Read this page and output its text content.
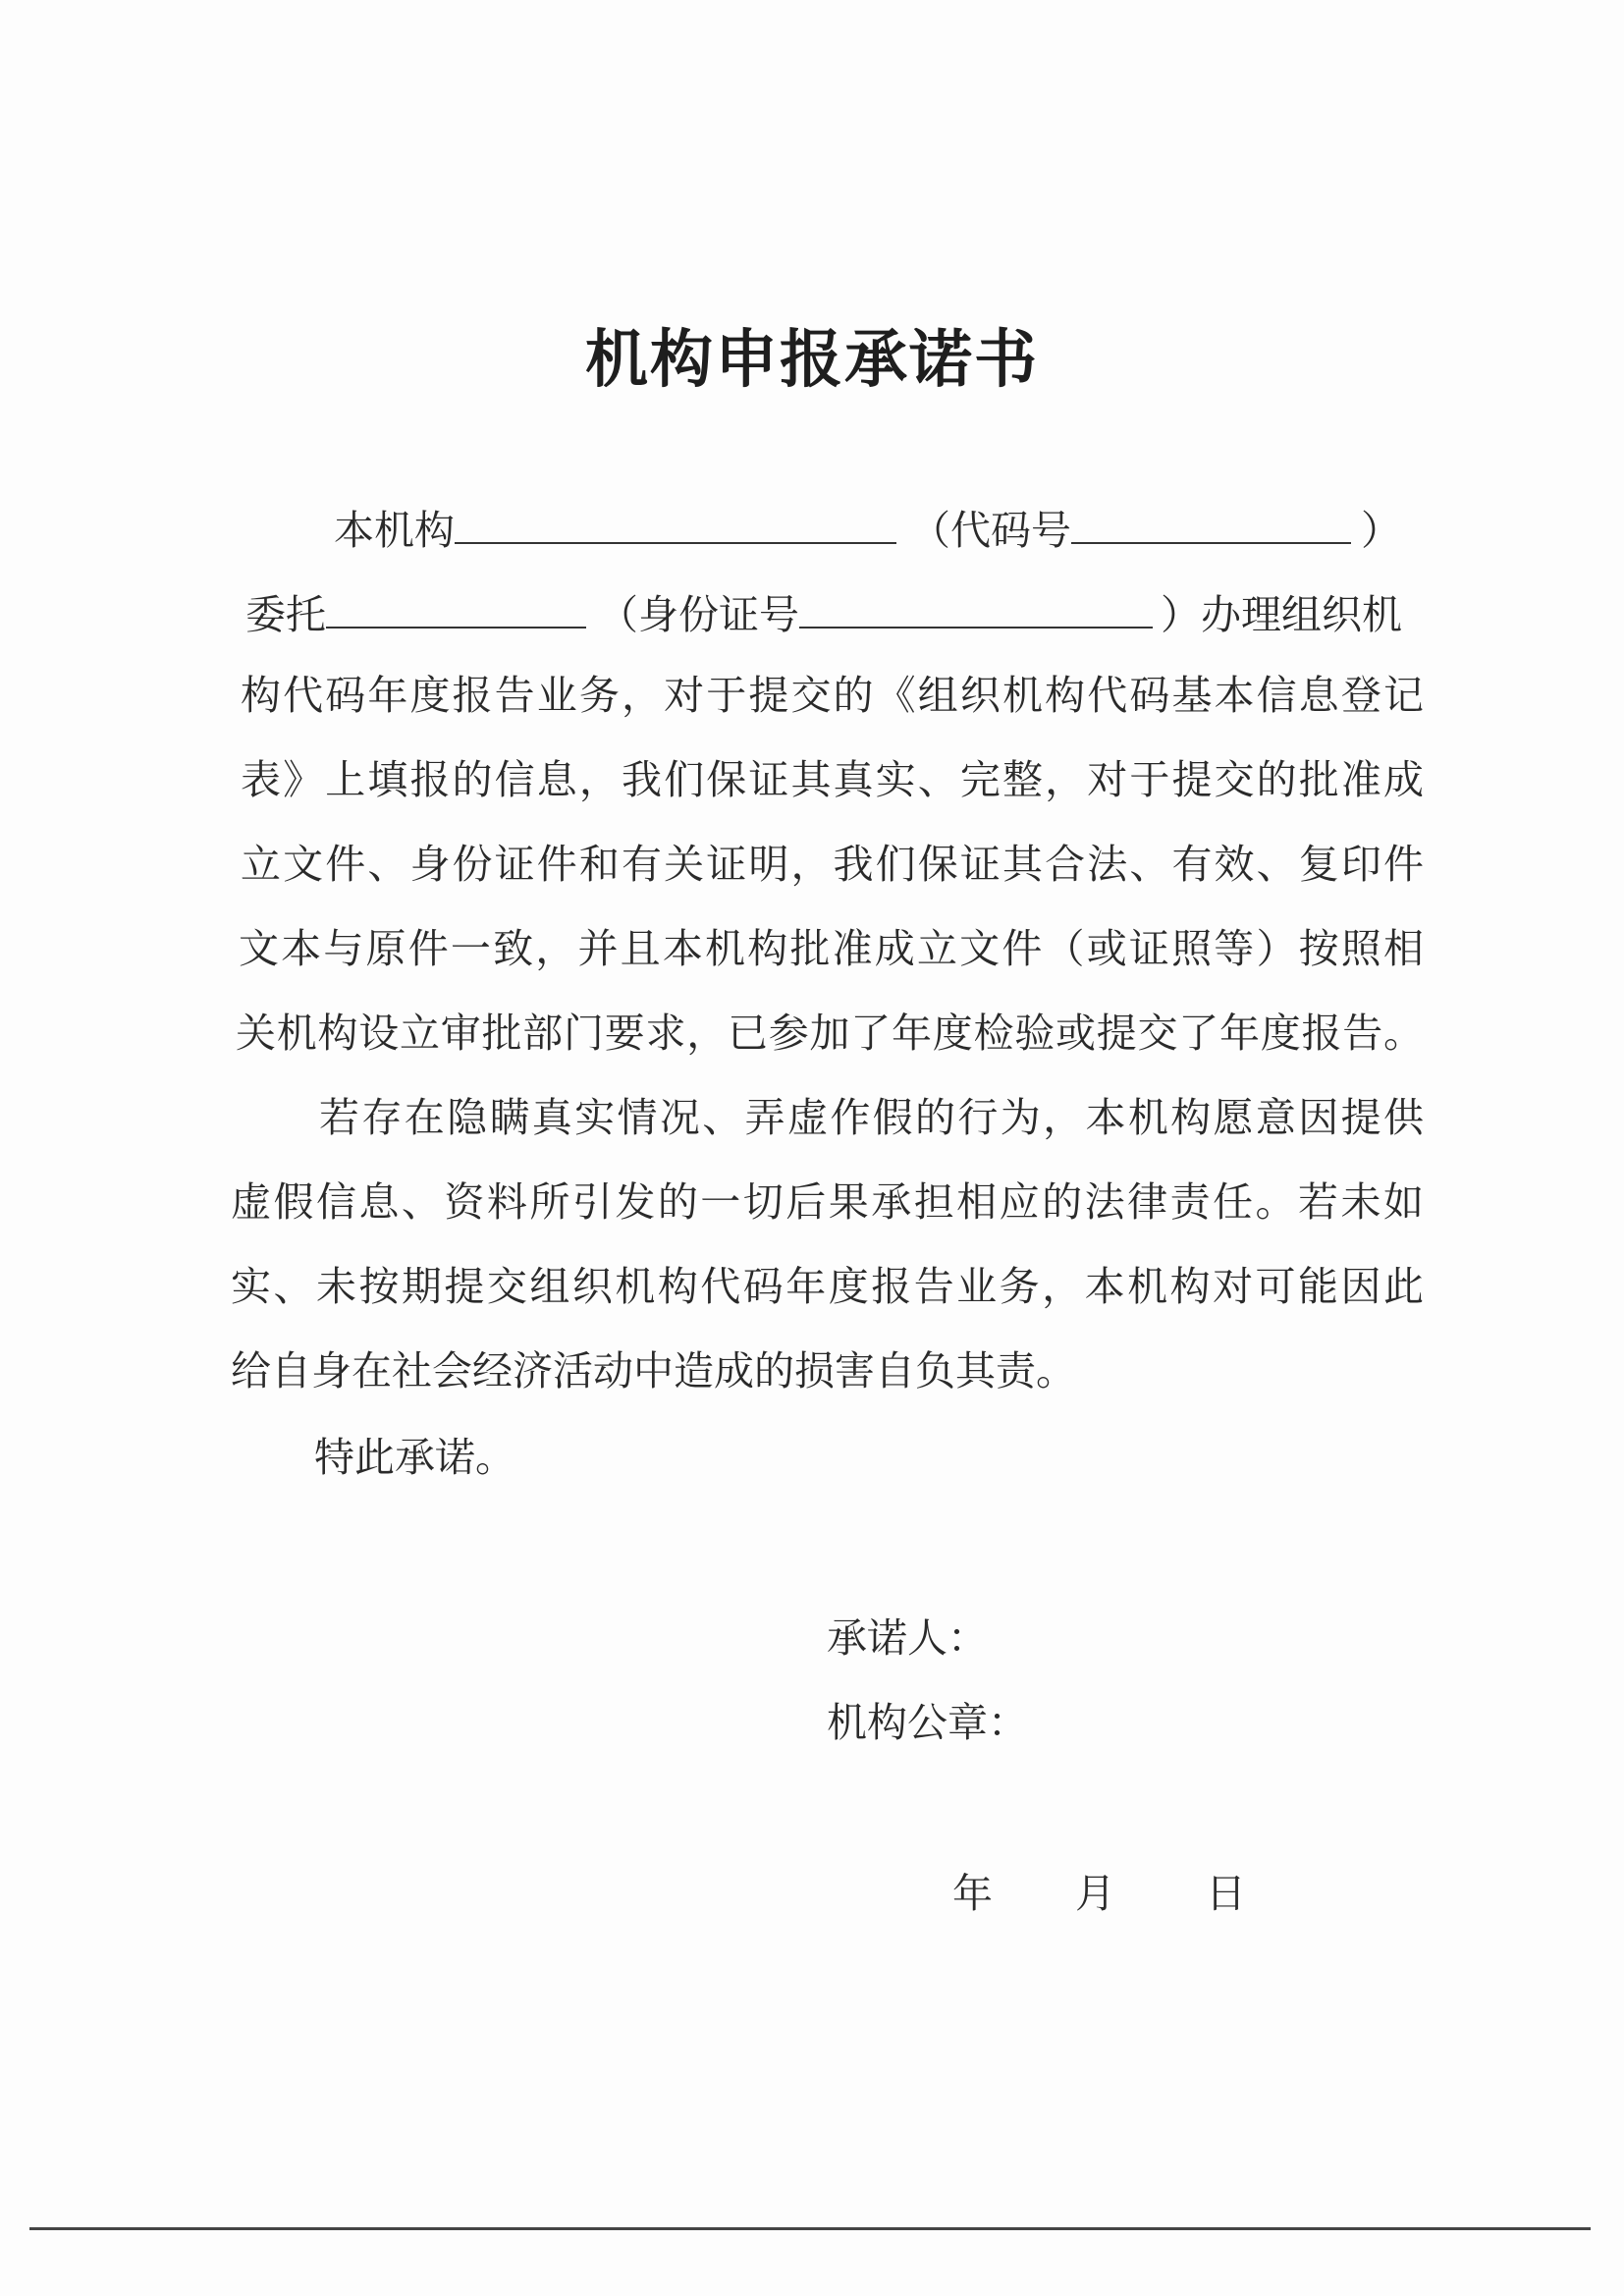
机构申报承诺书
本机构	（代码号	）
委托	（身份证号	）办理组织机
构代码年度报告业务，对于提交的《组织机构代码基本信息登记
表》上填报的信息，我们保证其真实、完整，对于提交的批准成
立文件、身份证件和有关证明，我们保证其合法、有效、复印件
文本与原件一致，并且本机构批准成立文件（或证照等）按照相
关机构设立审批部门要求，已参加了年度检验或提交了年度报告。
若存在隐瞒真实情况、弄虚作假的行为，本机构愿意因提供
虚假信息、资料所引发的一切后果承担相应的法律责任。若未如
实、未按期提交组织机构代码年度报告业务，本机构对可能因此
给自身在社会经济活动中造成的损害自负其责。
特此承诺。
承诺人：
机构公章：
年 月 日
